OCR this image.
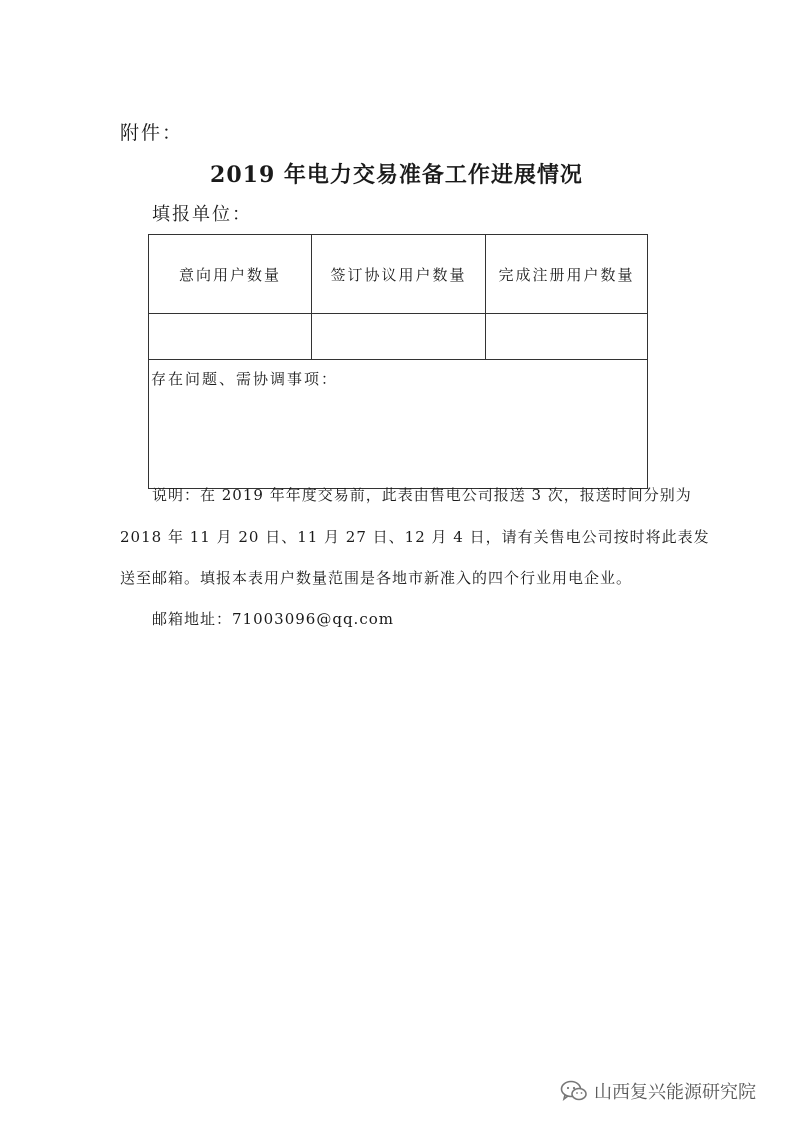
附件：
2019 年电力交易准备工作进展情况
填报单位：
意向用户数量	签订协议用户数量	完成注册用户数量

存在问题、需协调事项：		
说明：在 2019 年年度交易前，此表由售电公司报送 3 次，报送时间分别为
2018 年 11 月 20 日、11 月 27 日、12 月 4 日，请有关售电公司按时将此表发
送至邮箱。填报本表用户数量范围是各地市新准入的四个行业用电企业。
邮箱地址：71003096@qq.com
山西复兴能源研究院
